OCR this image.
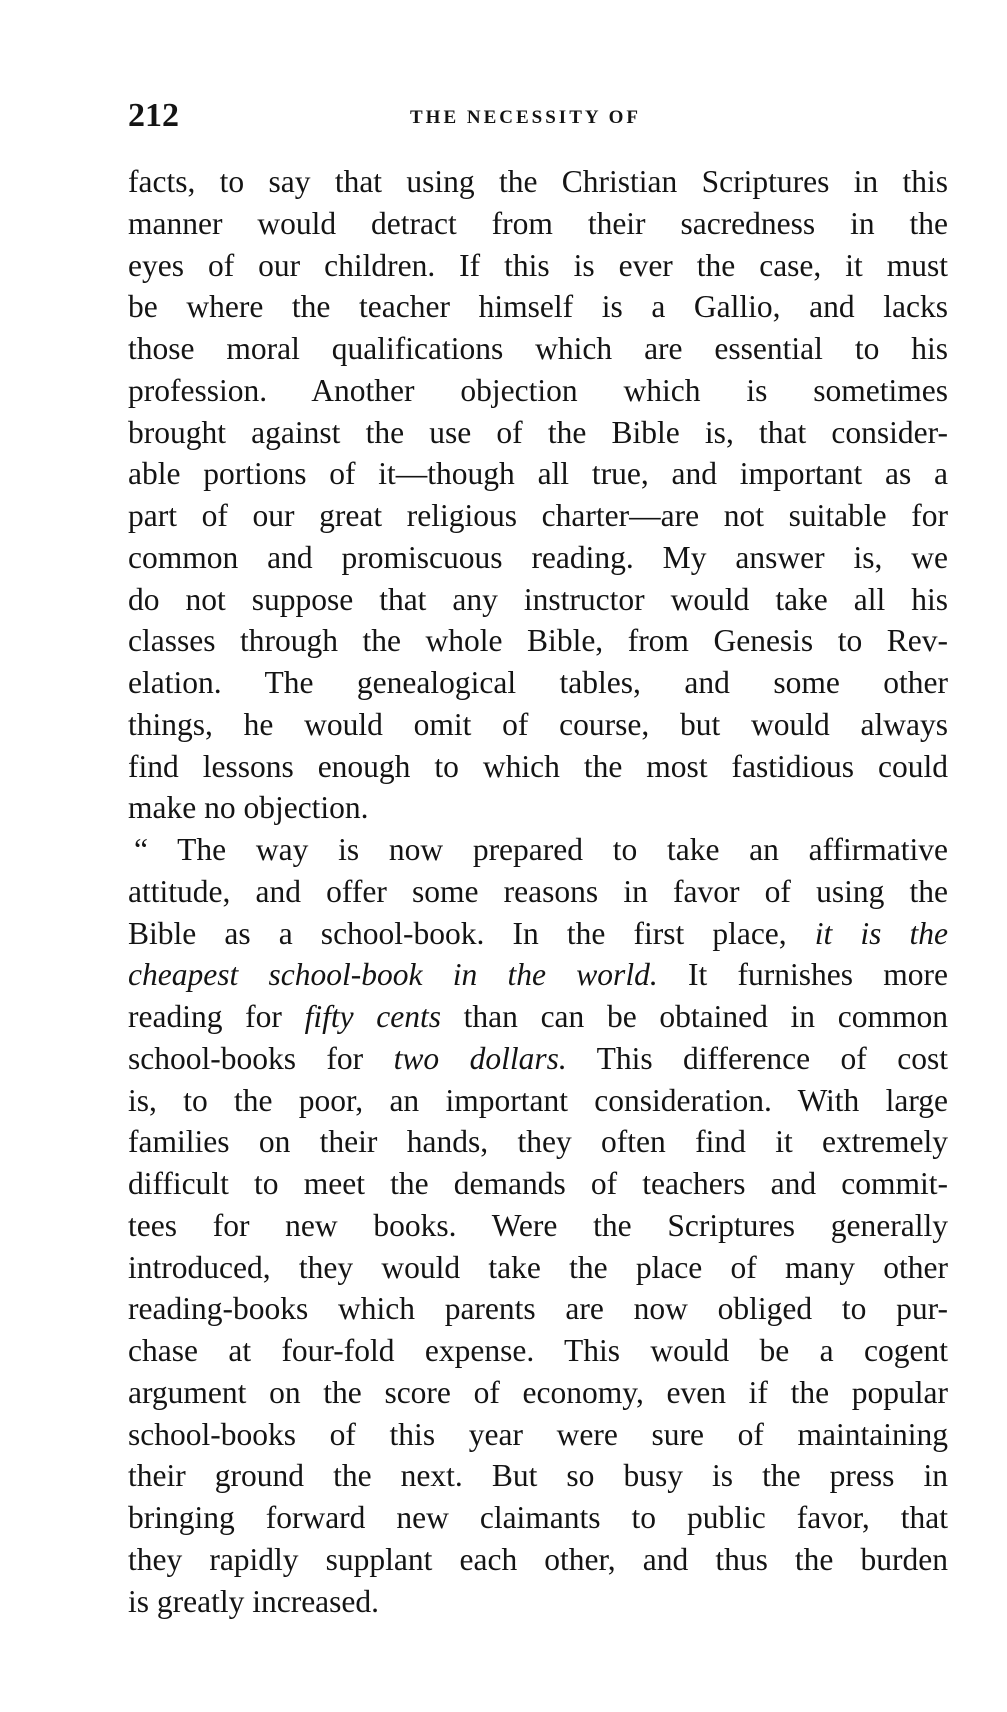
212	THE NECESSITY OF
facts, to say that using the Christian Scriptures in this
manner would detract from their sacredness in the
eyes of our children. If this is ever the case, it must
be where the teacher himself is a Gallio, and lacks
those moral qualifications which are essential to his
profession. Another objection which is sometimes
brought against the use of the Bible is, that consider-
able portions of it—though all true, and important as a
part of our great religious charter—are not suitable for
common and promiscuous reading. My answer is, we
do not suppose that any instructor would take all his
classes through the whole Bible, from Genesis to Rev-
elation. The genealogical tables, and some other
things, he would omit of course, but would always
find lessons enough to which the most fastidious could
make no objection.
“ The way is now prepared to take an affirmative
attitude, and offer some reasons in favor of using the
Bible as a school-book. In the first place, it is the
cheapest school-book in the world. It furnishes more
reading for fifty cents than can be obtained in common
school-books for two dollars. This difference of cost
is, to the poor, an important consideration. With large
families on their hands, they often find it extremely
difficult to meet the demands of teachers and commit-
tees for new books. Were the Scriptures generally
introduced, they would take the place of many other
reading-books which parents are now obliged to pur-
chase at four-fold expense. This would be a cogent
argument on the score of economy, even if the popular
school-books of this year were sure of maintaining
their ground the next. But so busy is the press in
bringing forward new claimants to public favor, that
they rapidly supplant each other, and thus the burden
is greatly increased.
